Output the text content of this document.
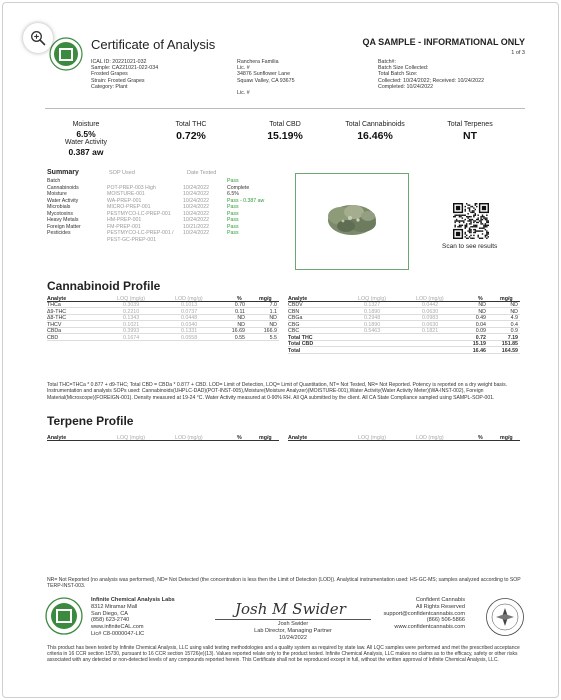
Certificate of Analysis	QA SAMPLE - INFORMATIONAL ONLY
1 of 3
ICAL ID: 20221021-032
Sample: CA221021-022-034
Frosted Grapes
Strain: Frosted Grapes
Category: Plant
Ranchera Familia
Lic. #
34876 Sunflower Lane
Squaw Valley, CA 93675
Lic. #
Batch#:
Batch Size Collected:
Total Batch Size:
Collected: 10/24/2022; Received: 10/24/2022
Completed: 10/24/2022
Moisture
6.5%
Water Activity
0.387 aw
Total THC
0.72%
Total CBD
15.19%
Total Cannabinoids
16.46%
Total Terpenes
NT
Summary	SOP Used	Date Tested
Batch	Pass
Cannabinoids	POT-PREP-003 High	10/24/2022	Complete
Moisture	MOISTURE-001	10/24/2022	6.5%
Water Activity	WA-PREP-001	10/24/2022	Pass - 0.387 aw
Microbials	MICRO-PREP-001	10/24/2022	Pass
Mycotoxins	PESTMYCO-LC-PREP-001 10/24/2022	Pass
Heavy Metals	HM-PREP-001	10/24/2022	Pass
Foreign Matter	FM-PREP-001	10/21/2022	Pass
Pesticides	PESTMYCO-LC-PREP-001 / 10/24/2022	Pass
PEST-GC-PREP-001
Scan to see results
Cannabinoid Profile
Analyte	LOQ (mg/g)	LOD (mg/g)	%	mg/g
THCa	0.3039	0.1013	0.70	7.0
Δ9-THC	0.2210	0.0737	0.11	1.1
Δ8-THC	0.1343	0.0448	ND	ND
THCV	0.1021	0.0340	ND	ND
CBDa	0.3993	0.1331	16.69	166.9
CBD	0.1674	0.0558	0.55	5.5
Analyte	LOQ (mg/g)	LOD (mg/g)	%	mg/g
CBDV	0.1327	0.0442	ND	ND
CBN	0.1890	0.0630	ND	ND
CBGa	0.2948	0.0983	0.49	4.9
CBG	0.1890	0.0630	0.04	0.4
CBC	0.5463	0.1821	0.09	0.9
Total THC	0.72	7.19
Total CBD	15.19	151.85
Total	16.46	164.59
Total THC=THCa * 0.877 + d9-THC; Total CBD = CBDa * 0.877 + CBD. LOD= Limit of Detection, LOQ= Limit of Quantitation, NT= Not Tested, NR= Not Reported. Potency is reported on a dry weight basis. Instrumentation and analysis SOPs used: Cannabinoids(UHPLC-DAD)(POT-INST-005),Moisture(Moisture Analyzer)(MOISTURE-001),Water Activity(Water Activity Meter)(WA-INST-002), Foreign Material(Microscope)(FOREIGN-001). Density measured at 19-24 °C. Water Activity measured at 0-90% RH. All QA submitted by the client. All CA State Compliance sampled using SAMPL-SOP-001.
Terpene Profile
Analyte	LOQ (mg/g)	LOD (mg/g)	%	mg/g	Analyte	LOQ (mg/g)	LOD (mg/g)	%	mg/g
NR= Not Reported (no analysis was performed), ND= Not Detected (the concentration is less then the Limit of Detection (LOD)). Analytical instrumentation used: HS-GC-MS; samples analyzed according to SOP TERP-INST-003.
Infinite Chemical Analysis Labs
8312 Miramar Mall
San Diego, CA
(858) 623-2740
www.infiniteCAL.com
Lic# C8-0000047-LIC
Josh M Swider
Josh Swider
Lab Director, Managing Partner
10/24/2022
Confident Cannabis
All Rights Reserved
support@confidentcannabis.com
(866) 506-5866
www.confidentcannabis.com
This product has been tested by Infinite Chemical Analysis, LLC using valid testing methodologies and a quality system as required by state law. All LQC samples were performed and met the prescribed acceptance criteria in 16 CCR section 15730, pursuant to 16 CCR section 15726(e)(13). Values reported relate only to the product tested. Infinite Chemical Analysis, LLC makes no claims as to the efficacy, safety or other risks associated with any detected or non-detected levels of any compounds reported herein. This Certificate shall not be reproduced except in full, without the written approval of Infinite Chemical Analysis, LLC.
